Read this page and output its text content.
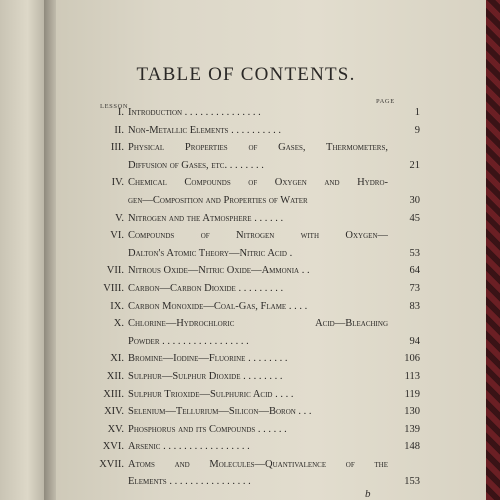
TABLE OF CONTENTS.
LESSON
PAGE
I. Introduction . . . . . . . . . . . . . . .	1
II. Non-Metallic Elements . . . . . . . . . .	9
III. Physical Properties of Gases, Thermometers,
Diffusion of Gases, etc. . . . . . . .	21
IV. Chemical Compounds of Oxygen and Hydro-
gen—Composition and Properties of Water	30
V. Nitrogen and the Atmosphere . . . . . .	45
VI. Compounds of Nitrogen with Oxygen—
Dalton's Atomic Theory—Nitric Acid .	53
VII. Nitrous Oxide—Nitric Oxide—Ammonia . .	64
VIII. Carbon—Carbon Dioxide . . . . . . . . .	73
IX. Carbon Monoxide—Coal-Gas, Flame . . . .	83
X. Chlorine—Hydrochloric Acid—Bleaching
Powder . . . . . . . . . . . . . . . . .	94
XI. Bromine—Iodine—Fluorine . . . . . . . .	106
XII. Sulphur—Sulphur Dioxide . . . . . . . .	113
XIII. Sulphur Trioxide—Sulphuric Acid . . . .	119
XIV. Selenium—Tellurium—Silicon—Boron . . .	130
XV. Phosphorus and its Compounds . . . . . .	139
XVI. Arsenic . . . . . . . . . . . . . . . . .	148
XVII. Atoms and Molecules—Quantivalence of the
Elements . . . . . . . . . . . . . . . .	153
b
